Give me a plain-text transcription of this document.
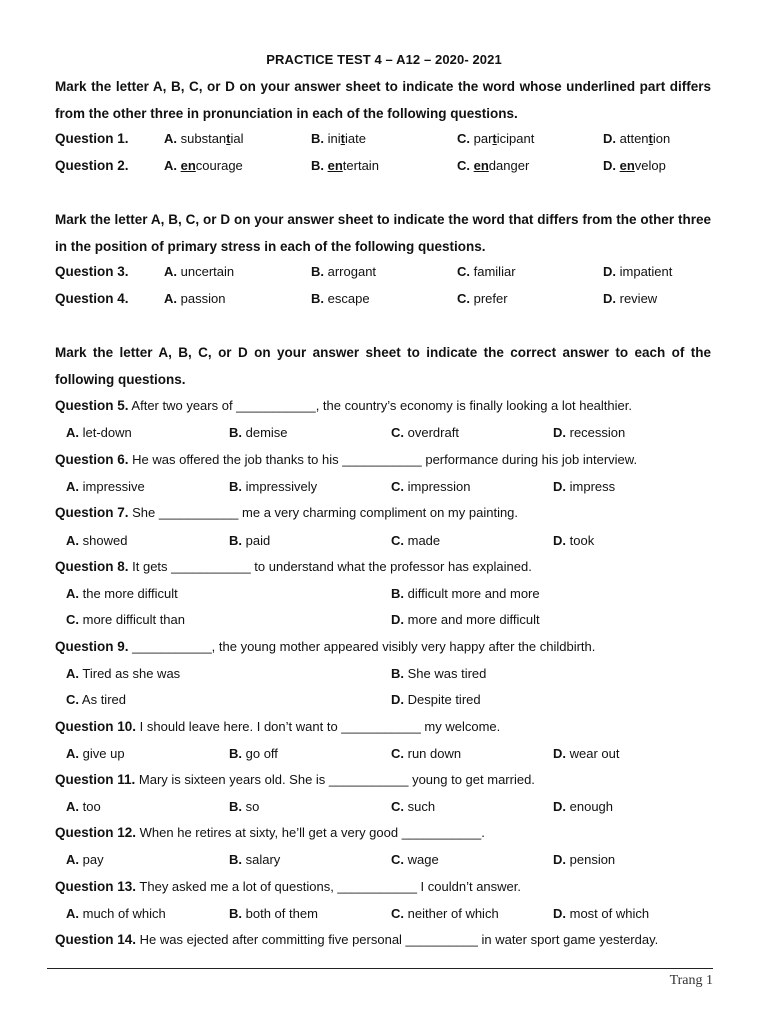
PRACTICE TEST 4 – A12 – 2020- 2021
Mark the letter A, B, C, or D on your answer sheet to indicate the word whose underlined part differs from the other three in pronunciation in each of the following questions.
Question 1.	A. substantial	B. initiate	C. participant	D. attention
Question 2.	A. encourage	B. entertain	C. endanger	D. envelop
Mark the letter A, B, C, or D on your answer sheet to indicate the word that differs from the other three in the position of primary stress in each of the following questions.
Question 3.	A. uncertain	B. arrogant	C. familiar	D. impatient
Question 4.	A. passion	B. escape	C. prefer	D. review
Mark the letter A, B, C, or D on your answer sheet to indicate the correct answer to each of the following questions.
Question 5. After two years of ___________, the country’s economy is finally looking a lot healthier.
A. let-down	B. demise	C. overdraft	D. recession
Question 6. He was offered the job thanks to his ___________ performance during his job interview.
A. impressive	B. impressively	C. impression	D. impress
Question 7. She ___________ me a very charming compliment on my painting.
A. showed	B. paid	C. made	D. took
Question 8. It gets ___________ to understand what the professor has explained.
A. the more difficult	B. difficult more and more
C. more difficult than	D. more and more difficult
Question 9. ___________, the young mother appeared visibly very happy after the childbirth.
A. Tired as she was	B. She was tired
C. As tired	D. Despite tired
Question 10. I should leave here. I don’t want to ___________ my welcome.
A. give up	B. go off	C. run down	D. wear out
Question 11. Mary is sixteen years old. She is ___________ young to get married.
A. too	B. so	C. such	D. enough
Question 12. When he retires at sixty, he’ll get a very good ___________.
A. pay	B. salary	C. wage	D. pension
Question 13. They asked me a lot of questions, ___________ I couldn’t answer.
A. much of which	B. both of them	C. neither of which	D. most of which
Question 14. He was ejected after committing five personal __________ in water sport game yesterday.
Trang 1
